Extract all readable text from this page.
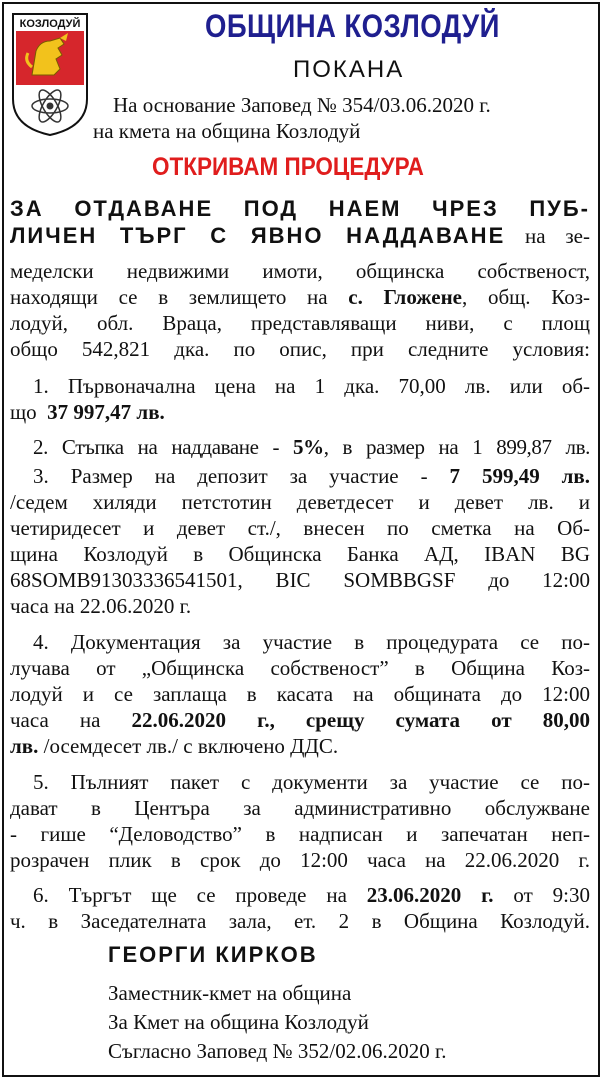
КОЗЛОДУЙ	ОБЩИНА КОЗЛОДУЙ
ПОКАНА
На основание Заповед № 354/03.06.2020 г.
на кмета на община Козлодуй
ОТКРИВАМ ПРОЦЕДУРА

ЗА ОТДАВАНЕ ПОД НАЕМ ЧРЕЗ ПУБ-

ЛИЧЕН ТЪРГ С ЯВНО НАДДАВАНЕ на зе-

меделски недвижими имоти, общинска собственост,

находящи се в землището на с. Гложене, общ. Коз-

лодуй, обл. Враца, представляващи ниви, с площ

общо 542,821 дка. по опис, при следните условия:

1. Първоначална цена на 1 дка. 70,00 лв. или об-

що 37 997,47 лв.

2. Стъпка на наддаване - 5%, в размер на 1 899,87 лв.

3. Размер на депозит за участие - 7 599,49 лв.

/седем хиляди петстотин деветдесет и девет лв. и

четиридесет и девет ст./, внесен по сметка на Об-

щина Козлодуй в Общинска Банка АД, IBAN BG

68SOMB91303336541501, BIC SOMBBGSF до 12:00

часа на 22.06.2020 г.

4. Документация за участие в процедурата се по-

лучава от „Общинска собственост” в Община Коз-

лодуй и се заплаща в касата на общината до 12:00

часа на 22.06.2020 г., срещу сумата от 80,00

лв. /осемдесет лв./ с включено ДДС.

5. Пълният пакет с документи за участие се по-

дават в Центъра за административно обслужване

- гише “Деловодство” в надписан и запечатан неп-

розрачен плик в срок до 12:00 часа на 22.06.2020 г.

6. Търгът ще се проведе на 23.06.2020 г. от 9:30

ч. в Заседателната зала, ет. 2 в Община Козлодуй.

ГЕОРГИ КИРКОВ
Заместник-кмет на община
За Кмет на община Козлодуй
Съгласно Заповед № 352/02.06.2020 г.
